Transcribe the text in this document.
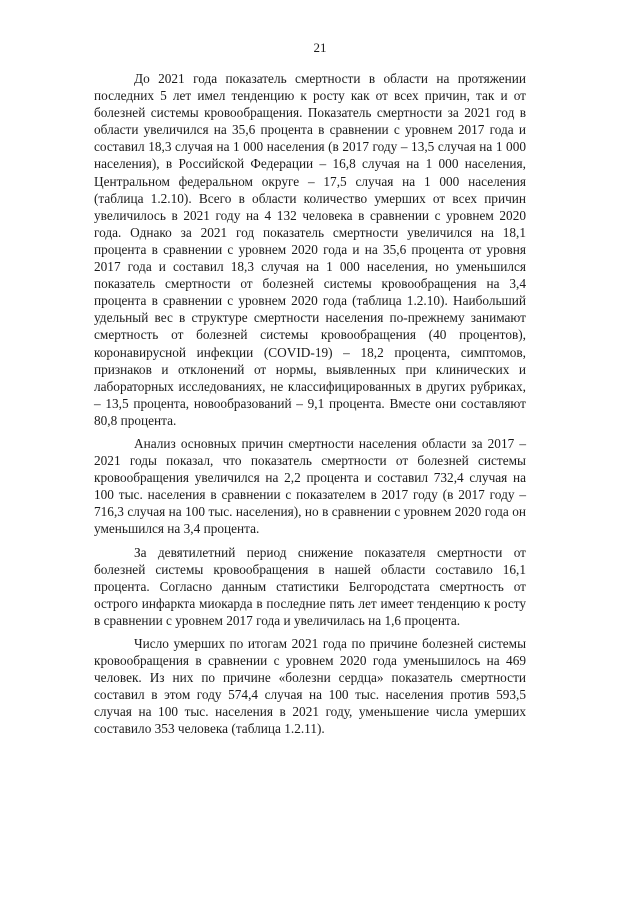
21

До 2021 года показатель смертности в области на протяжении последних 5 лет имел тенденцию к росту как от всех причин, так и от болезней системы кровообращения. Показатель смертности за 2021 год в области увеличился на 35,6 процента в сравнении с уровнем 2017 года и составил 18,3 случая на 1 000 населения (в 2017 году – 13,5 случая на 1 000 населения), в Российской Федерации – 16,8 случая на 1 000 населения, Центральном федеральном округе – 17,5 случая на 1 000 населения (таблица 1.2.10). Всего в области количество умерших от всех причин увеличилось в 2021 году на 4 132 человека в сравнении с уровнем 2020 года. Однако за 2021 год показатель смертности увеличился на 18,1 процента в сравнении с уровнем 2020 года и на 35,6 процента от уровня 2017 года и составил 18,3 случая на 1 000 населения, но уменьшился показатель смертности от болезней системы кровообращения на 3,4 процента в сравнении с уровнем 2020 года (таблица 1.2.10). Наибольший удельный вес в структуре смертности населения по-прежнему занимают смертность от болезней системы кровообращения (40 процентов), коронавирусной инфекции (COVID-19) – 18,2 процента, симптомов, признаков и отклонений от нормы, выявленных при клинических и лабораторных исследованиях, не классифицированных в других рубриках, – 13,5 процента, новообразований – 9,1 процента. Вместе они составляют 80,8 процента.

Анализ основных причин смертности населения области за 2017 – 2021 годы показал, что показатель смертности от болезней системы кровообращения увеличился на 2,2 процента и составил 732,4 случая на 100 тыс. населения в сравнении с показателем в 2017 году (в 2017 году – 716,3 случая на 100 тыс. населения), но в сравнении с уровнем 2020 года он уменьшился на 3,4 процента.

За девятилетний период снижение показателя смертности от болезней системы кровообращения в нашей области составило 16,1 процента. Согласно данным статистики Белгородстата смертность от острого инфаркта миокарда в последние пять лет имеет тенденцию к росту в сравнении с уровнем 2017 года и увеличилась на 1,6 процента.

Число умерших по итогам 2021 года по причине болезней системы кровообращения в сравнении с уровнем 2020 года уменьшилось на 469 человек. Из них по причине «болезни сердца» показатель смертности составил в этом году 574,4 случая на 100 тыс. населения против 593,5 случая на 100 тыс. населения в 2021 году, уменьшение числа умерших составило 353 человека (таблица 1.2.11).
